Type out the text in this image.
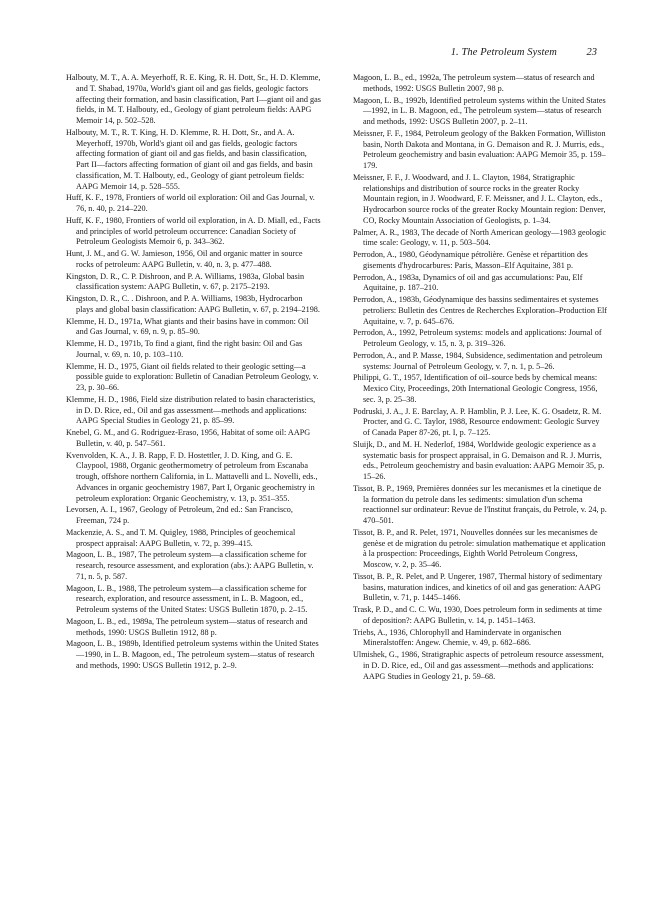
1. The Petroleum System	23

Halbouty, M. T., A. A. Meyerhoff, R. E. King, R. H. Dott, Sr., H. D. Klemme, and T. Shabad, 1970a, World's giant oil and gas fields, geologic factors affecting their formation, and basin classification, Part I—giant oil and gas fields, in M. T. Halbouty, ed., Geology of giant petroleum fields: AAPG Memoir 14, p. 502–528.

Halbouty, M. T., R. T. King, H. D. Klemme, R. H. Dott, Sr., and A. A. Meyerhoff, 1970b, World's giant oil and gas fields, geologic factors affecting formation of giant oil and gas fields, and basin classification, Part II—factors affecting formation of giant oil and gas fields, and basin classification, M. T. Halbouty, ed., Geology of giant petroleum fields: AAPG Memoir 14, p. 528–555.

Huff, K. F., 1978, Frontiers of world oil exploration: Oil and Gas Journal, v. 76, n. 40, p. 214–220.

Huff, K. F., 1980, Frontiers of world oil exploration, in A. D. Miall, ed., Facts and principles of world petroleum occurrence: Canadian Society of Petroleum Geologists Memoir 6, p. 343–362.

Hunt, J. M., and G. W. Jamieson, 1956, Oil and organic matter in source rocks of petroleum: AAPG Bulletin, v. 40, n. 3, p. 477–488.

Kingston, D. R., C. P. Dishroon, and P. A. Williams, 1983a, Global basin classification system: AAPG Bulletin, v. 67, p. 2175–2193.

Kingston, D. R., C. . Dishroon, and P. A. Williams, 1983b, Hydrocarbon plays and global basin classification: AAPG Bulletin, v. 67, p. 2194–2198.

Klemme, H. D., 1971a, What giants and their basins have in common: Oil and Gas Journal, v. 69, n. 9, p. 85–90.

Klemme, H. D., 1971b, To find a giant, find the right basin: Oil and Gas Journal, v. 69, n. 10, p. 103–110.

Klemme, H. D., 1975, Giant oil fields related to their geologic setting—a possible guide to exploration: Bulletin of Canadian Petroleum Geology, v. 23, p. 30–66.

Klemme, H. D., 1986, Field size distribution related to basin characteristics, in D. D. Rice, ed., Oil and gas assessment—methods and applications: AAPG Special Studies in Geology 21, p. 85–99.

Knebel, G. M., and G. Rodriguez-Eraso, 1956, Habitat of some oil: AAPG Bulletin, v. 40, p. 547–561.

Kvenvolden, K. A., J. B. Rapp, F. D. Hostettler, J. D. King, and G. E. Claypool, 1988, Organic geothermometry of petroleum from Escanaba trough, offshore northern California, in L. Mattavelli and L. Novelli, eds., Advances in organic geochemistry 1987, Part I, Organic geochemistry in petroleum exploration: Organic Geochemistry, v. 13, p. 351–355.

Levorsen, A. I., 1967, Geology of Petroleum, 2nd ed.: San Francisco, Freeman, 724 p.

Mackenzie, A. S., and T. M. Quigley, 1988, Principles of geochemical prospect appraisal: AAPG Bulletin, v. 72, p. 399–415.

Magoon, L. B., 1987, The petroleum system—a classification scheme for research, resource assessment, and exploration (abs.): AAPG Bulletin, v. 71, n. 5, p. 587.

Magoon, L. B., 1988, The petroleum system—a classification scheme for research, exploration, and resource assessment, in L. B. Magoon, ed., Petroleum systems of the United States: USGS Bulletin 1870, p. 2–15.

Magoon, L. B., ed., 1989a, The petroleum system—status of research and methods, 1990: USGS Bulletin 1912, 88 p.

Magoon, L. B., 1989b, Identified petroleum systems within the United States—1990, in L. B. Magoon, ed., The petroleum system—status of research and methods, 1990: USGS Bulletin 1912, p. 2–9.

Magoon, L. B., ed., 1992a, The petroleum system—status of research and methods, 1992: USGS Bulletin 2007, 98 p.

Magoon, L. B., 1992b, Identified petroleum systems within the United States—1992, in L. B. Magoon, ed., The petroleum system—status of research and methods, 1992: USGS Bulletin 2007, p. 2–11.

Meissner, F. F., 1984, Petroleum geology of the Bakken Formation, Williston basin, North Dakota and Montana, in G. Demaison and R. J. Murris, eds., Petroleum geochemistry and basin evaluation: AAPG Memoir 35, p. 159–179.

Meissner, F. F., J. Woodward, and J. L. Clayton, 1984, Stratigraphic relationships and distribution of source rocks in the greater Rocky Mountain region, in J. Woodward, F. F. Meissner, and J. L. Clayton, eds., Hydrocarbon source rocks of the greater Rocky Mountain region: Denver, CO, Rocky Mountain Association of Geologists, p. 1–34.

Palmer, A. R., 1983, The decade of North American geology—1983 geologic time scale: Geology, v. 11, p. 503–504.

Perrodon, A., 1980, Géodynamique pétrolière. Genèse et répartition des gisements d'hydrocarbures: Paris, Masson–Elf Aquitaine, 381 p.

Perrodon, A., 1983a, Dynamics of oil and gas accumulations: Pau, Elf Aquitaine, p. 187–210.

Perrodon, A., 1983b, Géodynamique des bassins sedimentaires et systemes petroliers: Bulletin des Centres de Recherches Exploration–Production Elf Aquitaine, v. 7, p. 645–676.

Perrodon, A., 1992, Petroleum systems: models and applications: Journal of Petroleum Geology, v. 15, n. 3, p. 319–326.

Perrodon, A., and P. Masse, 1984, Subsidence, sedimentation and petroleum systems: Journal of Petroleum Geology, v. 7, n. 1, p. 5–26.

Philippi, G. T., 1957, Identification of oil–source beds by chemical means: Mexico City, Proceedings, 20th International Geologic Congress, 1956, sec. 3, p. 25–38.

Podruski, J. A., J. E. Barclay, A. P. Hamblin, P. J. Lee, K. G. Osadetz, R. M. Procter, and G. C. Taylor, 1988, Resource endowment: Geologic Survey of Canada Paper 87-26, pt. I, p. 7–125.

Sluijk, D., and M. H. Nederlof, 1984, Worldwide geologic experience as a systematic basis for prospect appraisal, in G. Demaison and R. J. Murris, eds., Petroleum geochemistry and basin evaluation: AAPG Memoir 35, p. 15–26.

Tissot, B. P., 1969, Premières données sur les mecanismes et la cinetique de la formation du petrole dans les sediments: simulation d'un schema reactionnel sur ordinateur: Revue de l'Institut français, du Petrole, v. 24, p. 470–501.

Tissot, B. P., and R. Pelet, 1971, Nouvelles données sur les mecanismes de genèse et de migration du petrole: simulation mathematique et application à la prospection: Proceedings, Eighth World Petroleum Congress, Moscow, v. 2, p. 35–46.

Tissot, B. P., R. Pelet, and P. Ungerer, 1987, Thermal history of sedimentary basins, maturation indices, and kinetics of oil and gas generation: AAPG Bulletin, v. 71, p. 1445–1466.

Trask, P. D., and C. C. Wu, 1930, Does petroleum form in sediments at time of deposition?: AAPG Bulletin, v. 14, p. 1451–1463.

Triebs, A., 1936, Chlorophyll and Hamindervate in organischen Mineralstoffen: Angew. Chemie, v. 49, p. 682–686.

Ulmishek, G., 1986, Stratigraphic aspects of petroleum resource assessment, in D. D. Rice, ed., Oil and gas assessment—methods and applications: AAPG Studies in Geology 21, p. 59–68.
